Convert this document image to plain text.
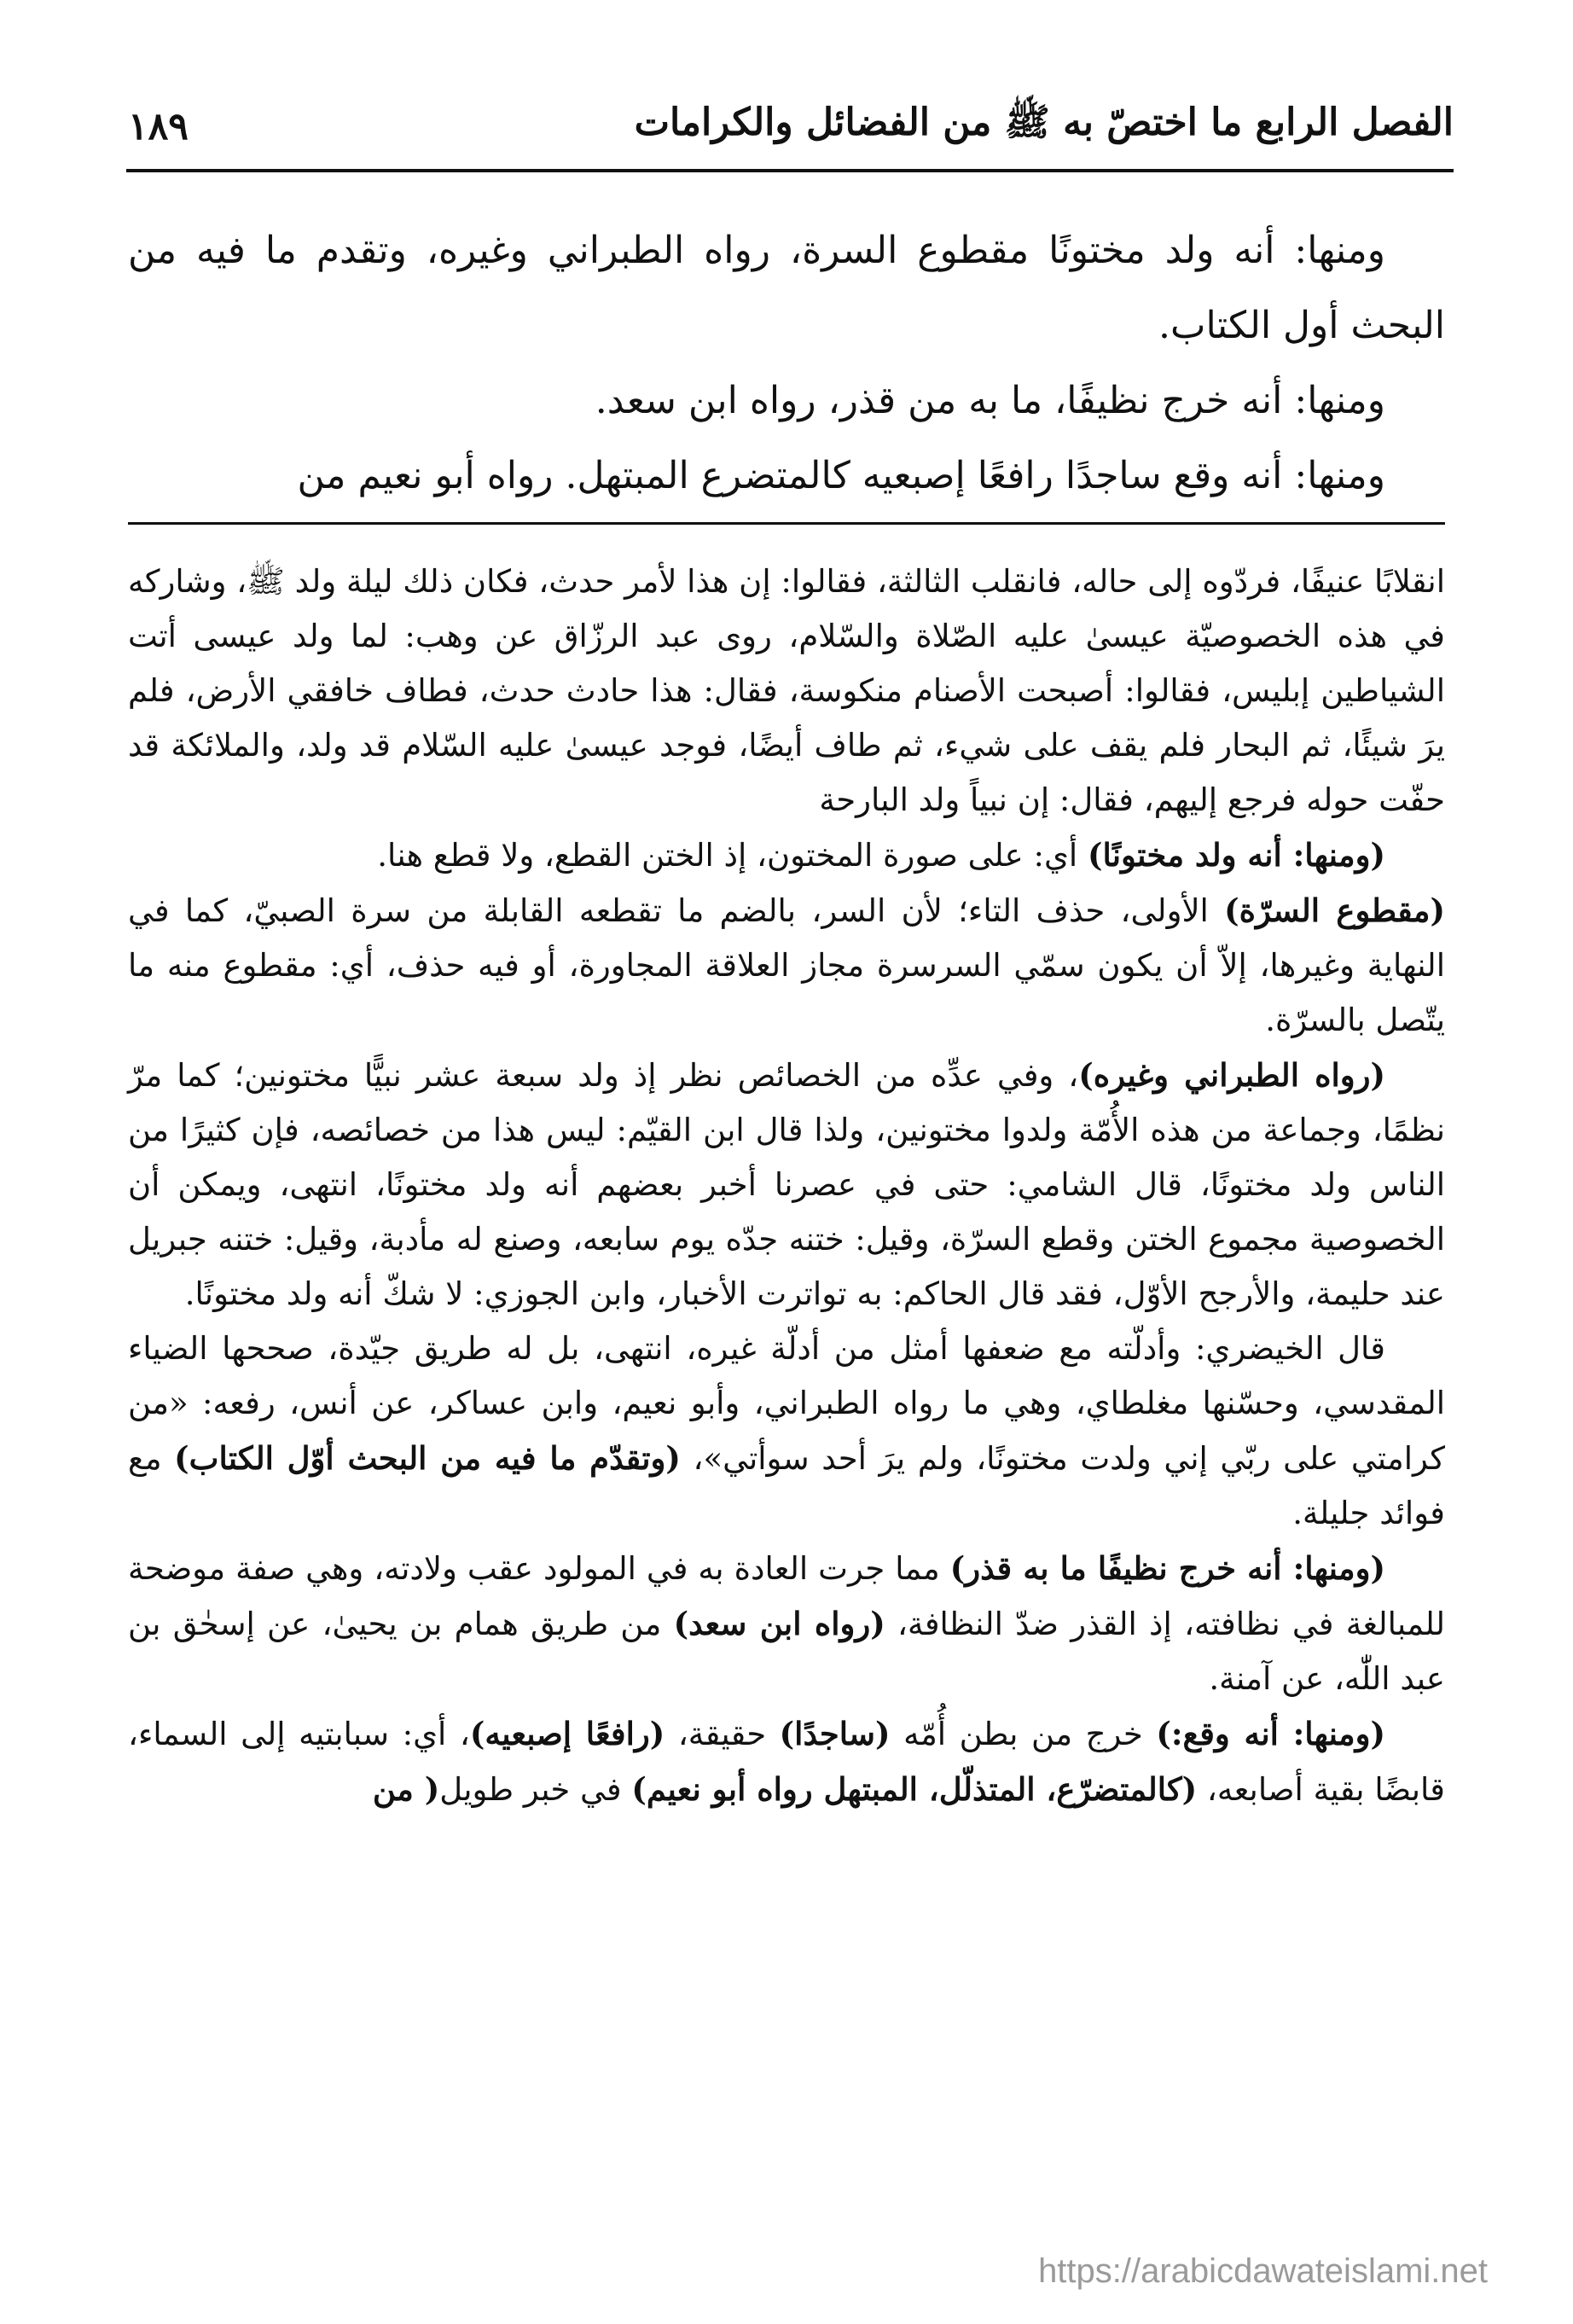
الفصل الرابع ما اختصّ به ﷺ من الفضائل والكرامات
١٨٩

ومنها: أنه ولد مختونًا مقطوع السرة، رواه الطبراني وغيره، وتقدم ما فيه من البحث أول الكتاب.

ومنها: أنه خرج نظيفًا، ما به من قذر، رواه ابن سعد.

ومنها: أنه وقع ساجدًا رافعًا إصبعيه كالمتضرع المبتهل. رواه أبو نعيم من

انقلابًا عنيفًا، فردّوه إلى حاله، فانقلب الثالثة، فقالوا: إن هذا لأمر حدث، فكان ذلك ليلة ولد ﷺ، وشاركه في هذه الخصوصيّة عيسىٰ عليه الصّلاة والسّلام، روى عبد الرزّاق عن وهب: لما ولد عيسى أتت الشياطين إبليس، فقالوا: أصبحت الأصنام منكوسة، فقال: هذا حادث حدث، فطاف خافقي الأرض، فلم يرَ شيئًا، ثم البحار فلم يقف على شيء، ثم طاف أيضًا، فوجد عيسىٰ عليه السّلام قد ولد، والملائكة قد حفّت حوله فرجع إليهم، فقال: إن نبياً ولد البارحة

(ومنها: أنه ولد مختونًا) أي: على صورة المختون، إذ الختن القطع، ولا قطع هنا.

(مقطوع السرّة) الأولى، حذف التاء؛ لأن السر، بالضم ما تقطعه القابلة من سرة الصبيّ، كما في النهاية وغيرها، إلاّ أن يكون سمّي السرسرة مجاز العلاقة المجاورة، أو فيه حذف، أي: مقطوع منه ما يتّصل بالسرّة.

(رواه الطبراني وغيره)، وفي عدِّه من الخصائص نظر إذ ولد سبعة عشر نبيًّا مختونين؛ كما مرّ نظمًا، وجماعة من هذه الأُمّة ولدوا مختونين، ولذا قال ابن القيّم: ليس هذا من خصائصه، فإن كثيرًا من الناس ولد مختونًا، قال الشامي: حتى في عصرنا أخبر بعضهم أنه ولد مختونًا، انتهى، ويمكن أن الخصوصية مجموع الختن وقطع السرّة، وقيل: ختنه جدّه يوم سابعه، وصنع له مأدبة، وقيل: ختنه جبريل عند حليمة، والأرجح الأوّل، فقد قال الحاكم: به تواترت الأخبار، وابن الجوزي: لا شكّ أنه ولد مختونًا.

قال الخيضري: وأدلّته مع ضعفها أمثل من أدلّة غيره، انتهى، بل له طريق جيّدة، صححها الضياء المقدسي، وحسّنها مغلطاي، وهي ما رواه الطبراني، وأبو نعيم، وابن عساكر، عن أنس، رفعه: «من كرامتي على ربّي إني ولدت مختونًا، ولم يرَ أحد سوأتي»، (وتقدّم ما فيه من البحث أوّل الكتاب) مع فوائد جليلة.

(ومنها: أنه خرج نظيفًا ما به قذر) مما جرت العادة به في المولود عقب ولادته، وهي صفة موضحة للمبالغة في نظافته، إذ القذر ضدّ النظافة، (رواه ابن سعد) من طريق همام بن يحيىٰ، عن إسحٰق بن عبد اللّٰه، عن آمنة.

(ومنها: أنه وقع:) خرج من بطن أُمّه (ساجدًا) حقيقة، (رافعًا إصبعيه)، أي: سبابتيه إلى السماء، قابضًا بقية أصابعه، (كالمتضرّع، المتذلّل، المبتهل رواه أبو نعيم) في خبر طويل( من

https://arabicdawateislami.net
